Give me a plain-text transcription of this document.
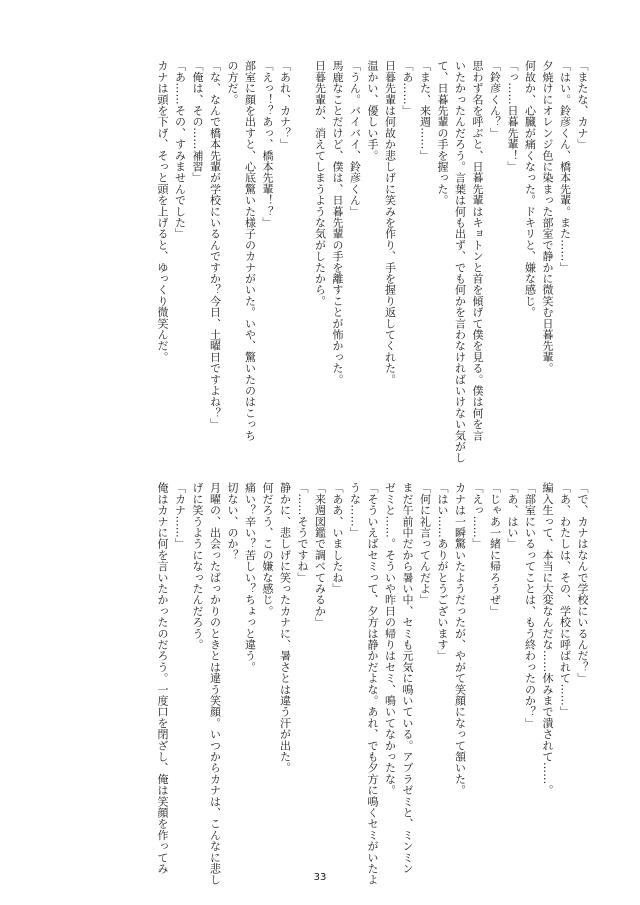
「またな、カナ」
「はい。鈴彦くん、橋本先輩。また……」
夕焼けにオレンジ色に染まった部室で静かに微笑む日暮先輩。
何故か、心臓が痛くなった。ドキリと、嫌な感じ。
「っ……日暮先輩！」
「鈴彦くん？」
思わず名を呼ぶと、日暮先輩はキョトンと首を傾げて僕を見る。僕は何を言
いたかったんだろう。言葉は何も出ず、でも何かを言わなければいけない気がし
て、日暮先輩の手を握った。
「また、来週……」
「あ……」
日暮先輩は何故か悲しげに笑みを作り、手を握り返してくれた。
温かい、優しい手。
「うん。バイバイ、鈴彦くん」
馬鹿なことだけど、僕は、日暮先輩の手を離すことが怖かった。
日暮先輩が、消えてしまうような気がしたから。

「あれ、カナ？」
「えっ！？あっ、橋本先輩！？」
部室に顔を出すと、心底驚いた様子のカナがいた。いや、驚いたのはこっち
の方だ。
「な、なんで橋本先輩が学校にいるんですか？今日、土曜日ですよね？」
「俺は、その……補習」
「あ……その、すみませんでした」
カナは頭を下げ、そっと頭を上げると、ゆっくり微笑んだ。
「で、カナはなんで学校にいるんだ？」
「あ、わたしは、その、学校に呼ばれて……」
編入生って、本当に大変なんだな……休みまで潰されて……。
「部室にいるってことは、もう終わったのか？」
「あ、はい」
「じゃあ一緒に帰ろうぜ」
「えっ……」
カナは一瞬驚いたようだったが、やがて笑顔になって頷いた。
「はい……ありがとうございます」
「何に礼言ってんだよ」
まだ午前中だから暑い中、セミも元気に鳴いている。アブラゼミと、ミンミン
ゼミと……。そういや昨日の帰りはセミ、鳴いてなかったな。
「そういえばセミって、夕方は静かだよな。あれ、でも夕方に鳴くセミがいたよ
うな……」
「ああ、いましたね」
「来週図鑑で調べてみるか」
「……そうですね」
静かに、悲しげに笑ったカナに、暑さとは違う汗が出た。
何だろう、この嫌な感じ。
痛い？辛い？苦しい？ちょっと違う。
切ない、のか？
月曜の、出会ったばっかりのときとは違う笑顔。いつからカナは、こんなに悲し
げに笑うようになったんだろう。
「カナ……」
俺はカナに何を言いたかったのだろう。一度口を閉ざし、俺は笑顔を作ってみ
33
